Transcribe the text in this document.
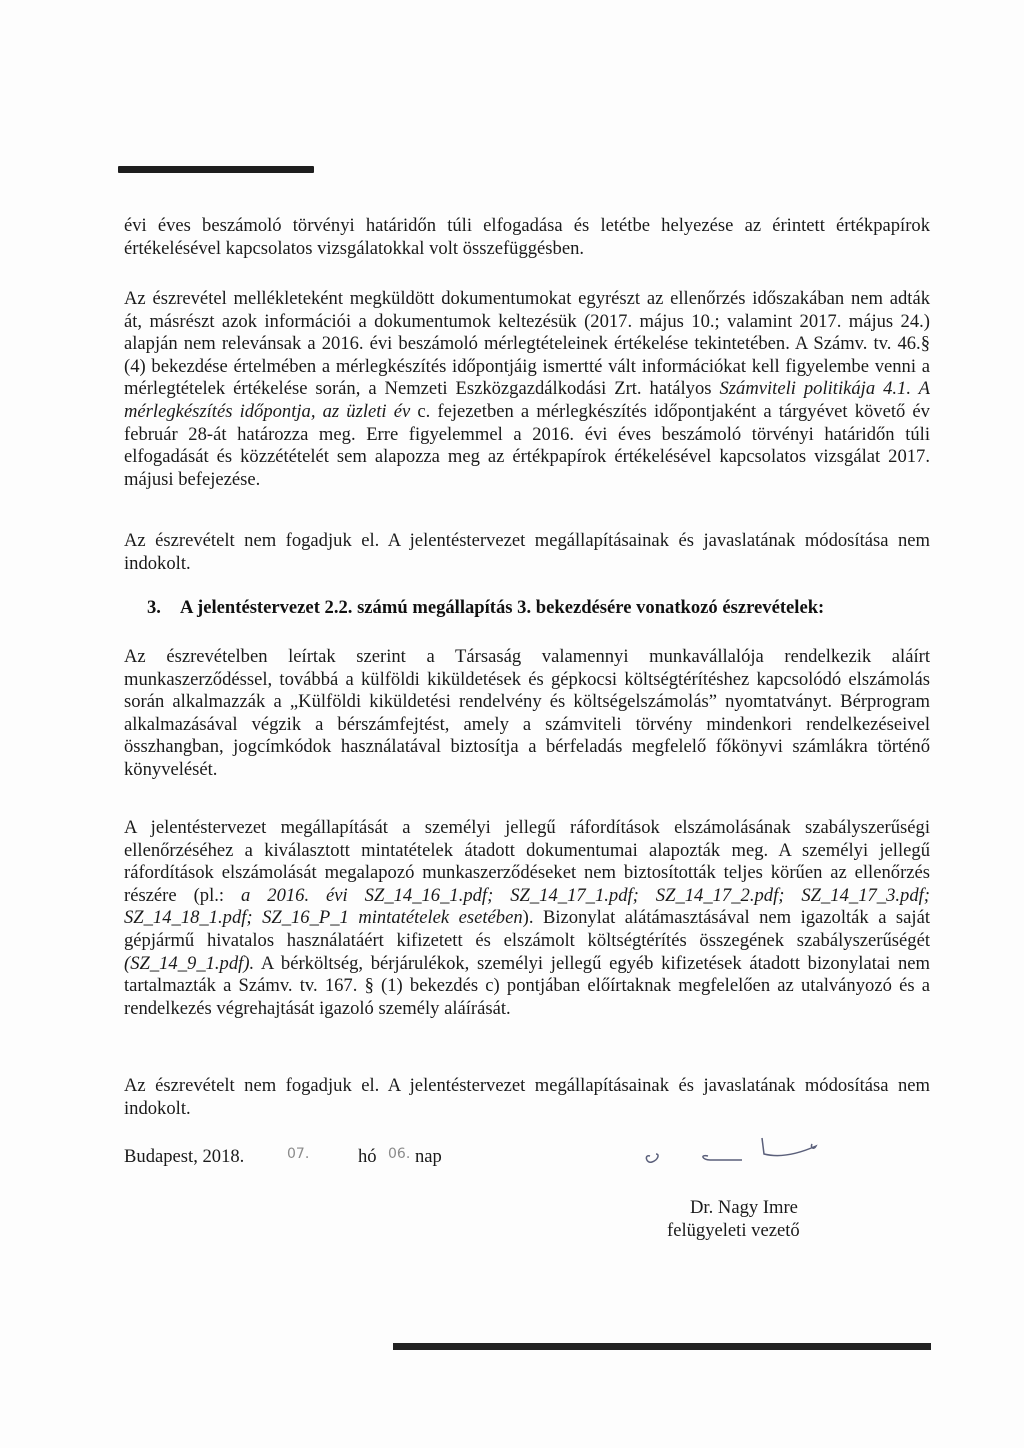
évi éves beszámoló törvényi határidőn túli elfogadása és letétbe helyezése az érintett értékpapírok értékelésével kapcsolatos vizsgálatokkal volt összefüggésben.
Az észrevétel mellékleteként megküldött dokumentumokat egyrészt az ellenőrzés időszakában nem adták át, másrészt azok információi a dokumentumok keltezésük (2017. május 10.; valamint 2017. május 24.) alapján nem relevánsak a 2016. évi beszámoló mérlegtételeinek értékelése tekintetében. A Számv. tv. 46.§ (4) bekezdése értelmében a mérlegkészítés időpontjáig ismertté vált információkat kell figyelembe venni a mérlegtételek értékelése során, a Nemzeti Eszközgazdálkodási Zrt. hatályos Számviteli politikája 4.1. A mérlegkészítés időpontja, az üzleti év c. fejezetben a mérlegkészítés időpontjaként a tárgyévet követő év február 28-át határozza meg. Erre figyelemmel a 2016. évi éves beszámoló törvényi határidőn túli elfogadását és közzétételét sem alapozza meg az értékpapírok értékelésével kapcsolatos vizsgálat 2017. májusi befejezése.
Az észrevételt nem fogadjuk el. A jelentéstervezet megállapításainak és javaslatának módosítása nem indokolt.
3. A jelentéstervezet 2.2. számú megállapítás 3. bekezdésére vonatkozó észrevételek:
Az észrevételben leírtak szerint a Társaság valamennyi munkavállalója rendelkezik aláírt munkaszerződéssel, továbbá a külföldi kiküldetések és gépkocsi költségtérítéshez kapcsolódó elszámolás során alkalmazzák a „Külföldi kiküldetési rendelvény és költségelszámolás” nyomtatványt. Bérprogram alkalmazásával végzik a bérszámfejtést, amely a számviteli törvény mindenkori rendelkezéseivel összhangban, jogcímkódok használatával biztosítja a bérfeladás megfelelő főkönyvi számlákra történő könyvelését.
A jelentéstervezet megállapítását a személyi jellegű ráfordítások elszámolásának szabályszerűségi ellenőrzéséhez a kiválasztott mintatételek átadott dokumentumai alapozták meg. A személyi jellegű ráfordítások elszámolását megalapozó munkaszerződéseket nem biztosították teljes körűen az ellenőrzés részére (pl.: a 2016. évi SZ_14_16_1.pdf; SZ_14_17_1.pdf; SZ_14_17_2.pdf; SZ_14_17_3.pdf; SZ_14_18_1.pdf; SZ_16_P_1 mintatételek esetében). Bizonylat alátámasztásával nem igazolták a saját gépjármű hivatalos használatáért kifizetett és elszámolt költségtérítés összegének szabályszerűségét (SZ_14_9_1.pdf). A bérköltség, bérjárulékok, személyi jellegű egyéb kifizetések átadott bizonylatai nem tartalmazták a Számv. tv. 167. § (1) bekezdés c) pontjában előírtaknak megfelelően az utalványozó és a rendelkezés végrehajtását igazoló személy aláírását.
Az észrevételt nem fogadjuk el. A jelentéstervezet megállapításainak és javaslatának módosítása nem indokolt.
Budapest, 2018.	07.	hó 06. nap
Dr. Nagy Imre
felügyeleti vezető
